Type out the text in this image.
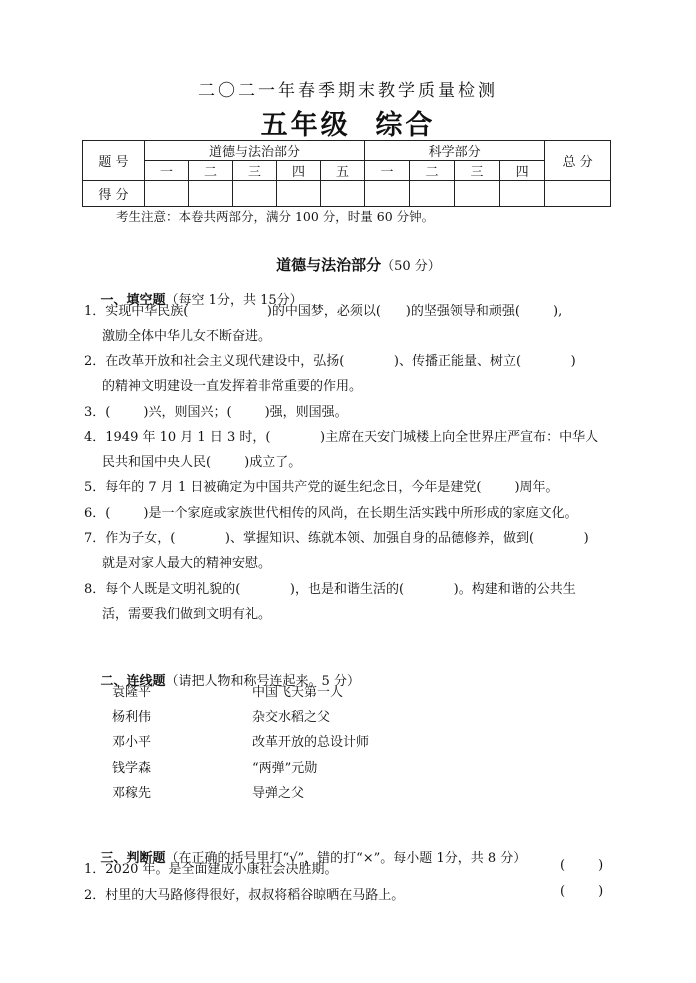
二〇二一年春季期末教学质量检测
五年级  综合
题 号	道德与法治部分					科学部分				总 分
	一	二	三	四	五	一	二	三	四	
得 分										
考生注意：本卷共两部分，满分 100 分，时量 60 分钟。

道德与法治部分（50 分）

一、填空题（每空 1分，共 15分）

1．实现中华民族(                   )的中国梦，必须以(      )的坚强领导和顽强(        ),
激励全体中华儿女不断奋进。
2．在改革开放和社会主义现代建设中，弘扬(            )、传播正能量、树立(            )
的精神文明建设一直发挥着非常重要的作用。
3．(        )兴，则国兴；(        )强，则国强。
4．1949 年 10 月 1 日 3 时，(            )主席在天安门城楼上向全世界庄严宣布：中华人
民共和国中央人民(        )成立了。
5．每年的 7 月 1 日被确定为中国共产党的诞生纪念日，今年是建党(        )周年。
6．(        )是一个家庭或家族世代相传的风尚，在长期生活实践中所形成的家庭文化。
7．作为子女，(            )、掌握知识、练就本领、加强自身的品德修养，做到(            )
就是对家人最大的精神安慰。
8．每个人既是文明礼貌的(            )，也是和谐生活的(            )。构建和谐的公共生
活，需要我们做到文明有礼。

二、连线题（请把人物和称号连起来。5 分）

袁隆平	中国飞天第一人
杨利伟	杂交水稻之父
邓小平	改革开放的总设计师
钱学森	“两弹”元勋
邓稼先	导弹之父

三、判断题（在正确的括号里打“√”，错的打“×”。每小题 1分，共 8 分）

1．2020 年。是全面建成小康社会决胜期。	(        )
2．村里的大马路修得很好，叔叔将稻谷晾晒在马路上。	(        )
